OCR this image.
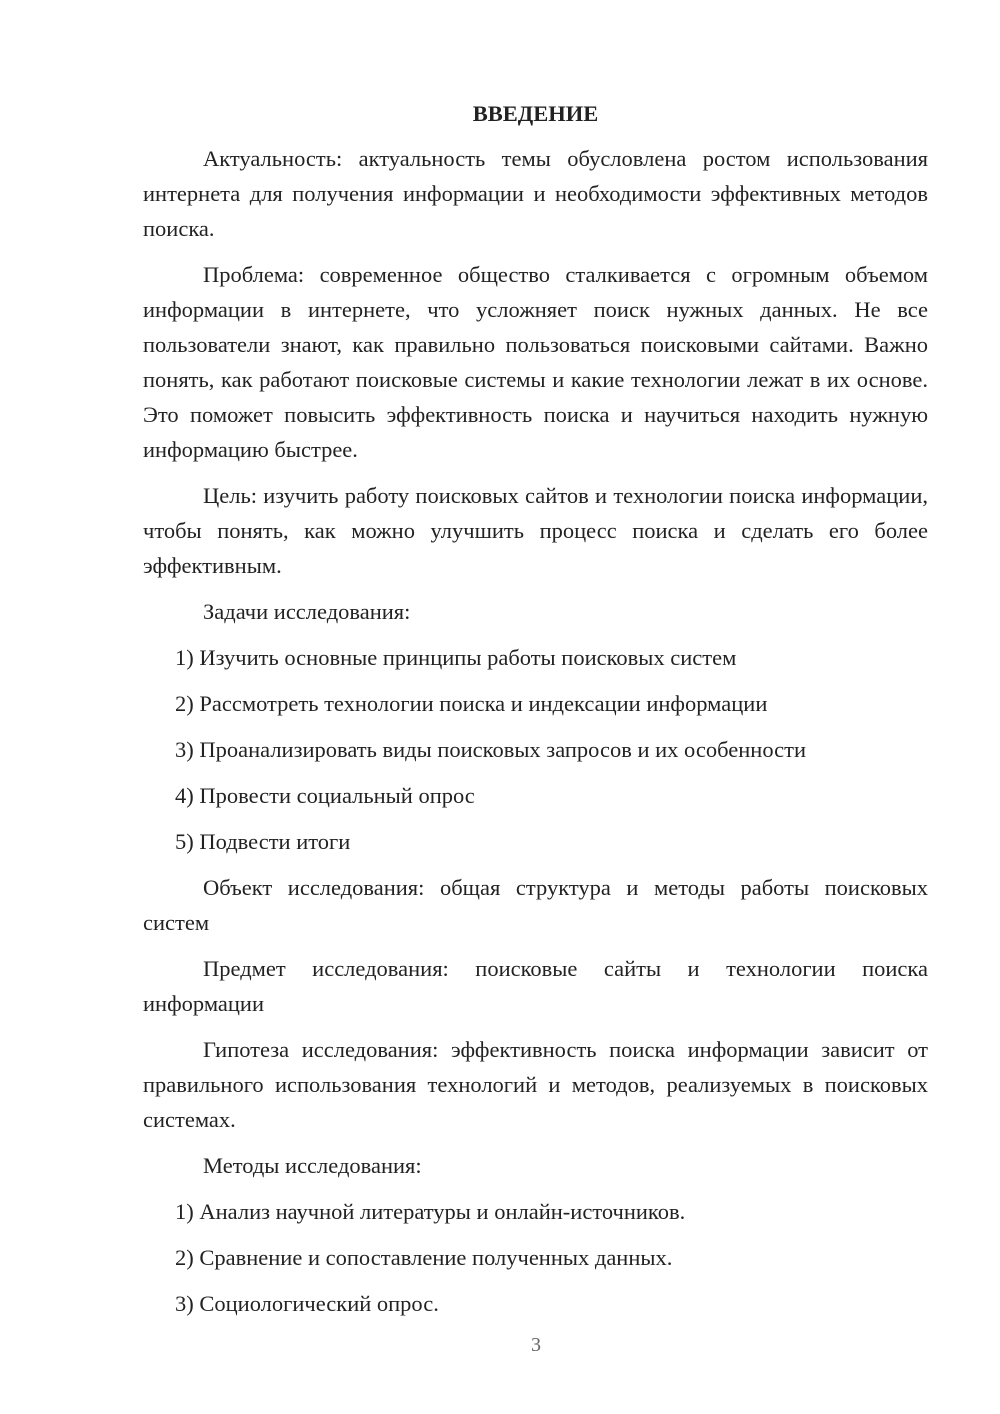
ВВЕДЕНИЕ

Актуальность: актуальность темы обусловлена ростом использования интернета для получения информации и необходимости эффективных методов поиска.

Проблема: современное общество сталкивается с огромным объемом информации в интернете, что усложняет поиск нужных данных. Не все пользователи знают, как правильно пользоваться поисковыми сайтами. Важно понять, как работают поисковые системы и какие технологии лежат в их основе. Это поможет повысить эффективность поиска и научиться находить нужную информацию быстрее.

Цель: изучить работу поисковых сайтов и технологии поиска информации, чтобы понять, как можно улучшить процесс поиска и сделать его более эффективным.

Задачи исследования:

1) Изучить основные принципы работы поисковых систем
2) Рассмотреть технологии поиска и индексации информации
3) Проанализировать виды поисковых запросов и их особенности
4) Провести социальный опрос
5) Подвести итоги

Объект исследования: общая структура и методы работы поисковых систем

Предмет исследования: поисковые сайты и технологии поиска информации

Гипотеза исследования: эффективность поиска информации зависит от правильного использования технологий и методов, реализуемых в поисковых системах.

Методы исследования:

1) Анализ научной литературы и онлайн-источников.
2) Сравнение и сопоставление полученных данных.
3) Социологический опрос.
3
